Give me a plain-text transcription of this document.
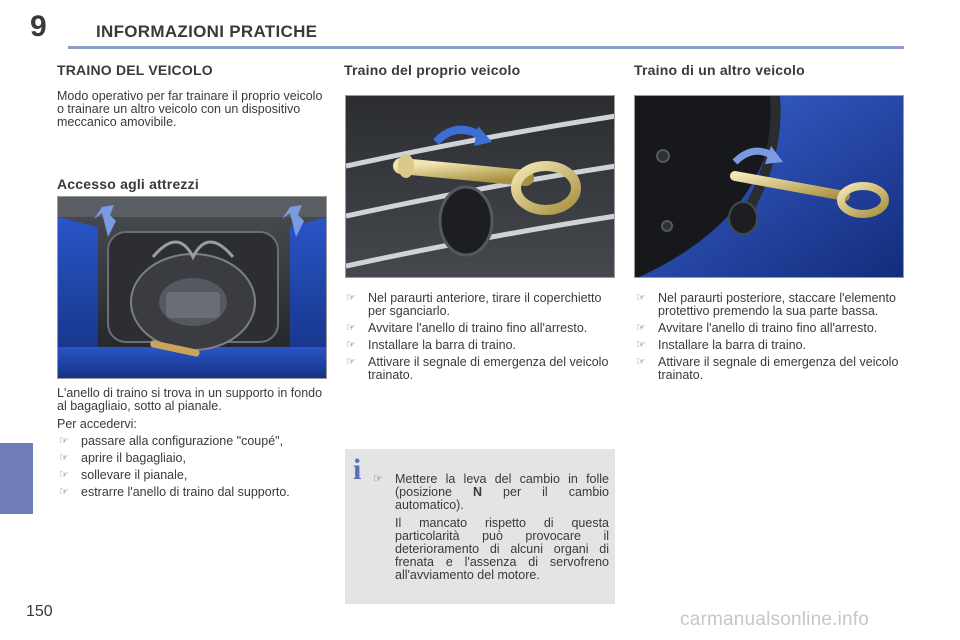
9	INFORMAZIONI PRATICHE
TRAINO DEL VEICOLO

Modo operativo per far trainare il proprio veicolo o trainare un altro veicolo con un dispositivo meccanico amovibile.

Accesso agli attrezzi

L'anello di traino si trova in un supporto in fondo al bagagliaio, sotto al pianale.

Per accedervi:

☞ passare alla configurazione "coupé",
☞ aprire il bagagliaio,
☞ sollevare il pianale,
☞ estrarre l'anello di traino dal supporto.
Traino del proprio veicolo
☞ Nel paraurti anteriore, tirare il coperchietto per sganciarlo.
☞ Avvitare l'anello di traino fino all'arresto.
☞ Installare la barra di traino.
☞ Attivare il segnale di emergenza del veicolo trainato.
i ☞ Mettere la leva del cambio in folle (posizione N per il cambio automatico).

Il mancato rispetto di questa particolarità può provocare il deterioramento di alcuni organi di frenata e l'assenza di servofreno all'avviamento del motore.

Traino di un altro veicolo
☞ Nel paraurti posteriore, staccare l'elemento protettivo premendo la sua parte bassa.
☞ Avvitare l'anello di traino fino all'arresto.
☞ Installare la barra di traino.
☞ Attivare il segnale di emergenza del veicolo trainato.
150	carmanualsonline.info
